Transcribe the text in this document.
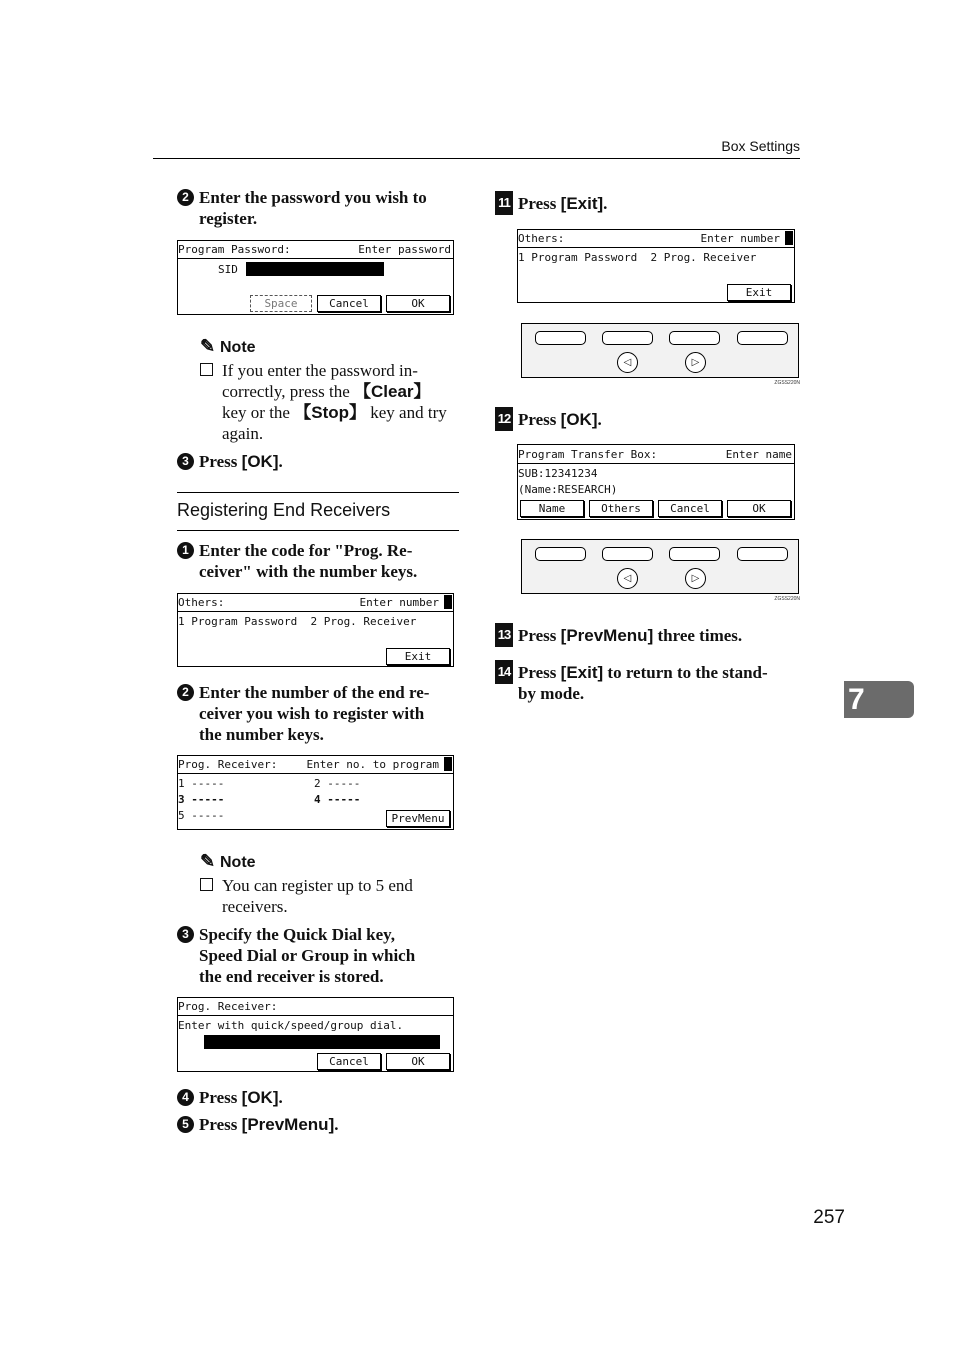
Box Settings
2 Enter the password you wish to register.
Program Password:	Enter password
SID
Space	Cancel	OK
✎ Note
If you enter the password in-
correctly, press the 【Clear】
key or the 【Stop】 key and try
again.
3 Press [OK].
Registering End Receivers
1 Enter the code for "Prog. Re-
ceiver" with the number keys.
Others:	Enter number
1 Program Password  2 Prog. Receiver
Exit
2 Enter the number of the end re-
ceiver you wish to register with
the number keys.
Prog. Receiver:	Enter no. to program
1 -----	2 -----
3 -----	4 -----
5 -----	PrevMenu
✎ Note
You can register up to 5 end
receivers.
3 Specify the Quick Dial key,
Speed Dial or Group in which
the end receiver is stored.
Prog. Receiver:
Enter with quick/speed/group dial.
Cancel	OK
4 Press [OK].
5 Press [PrevMenu].
11 Press [Exit].
Others:	Enter number
1 Program Password  2 Prog. Receiver
Exit
◁	▷
ZGSS220N
12 Press [OK].
Program Transfer Box:	Enter name
SUB:12341234
(Name:RESEARCH)
Name	Others	Cancel	OK
◁	▷
ZGSS220N
13 Press [PrevMenu] three times.
14 Press [Exit] to return to the stand-
by mode.	7
257
